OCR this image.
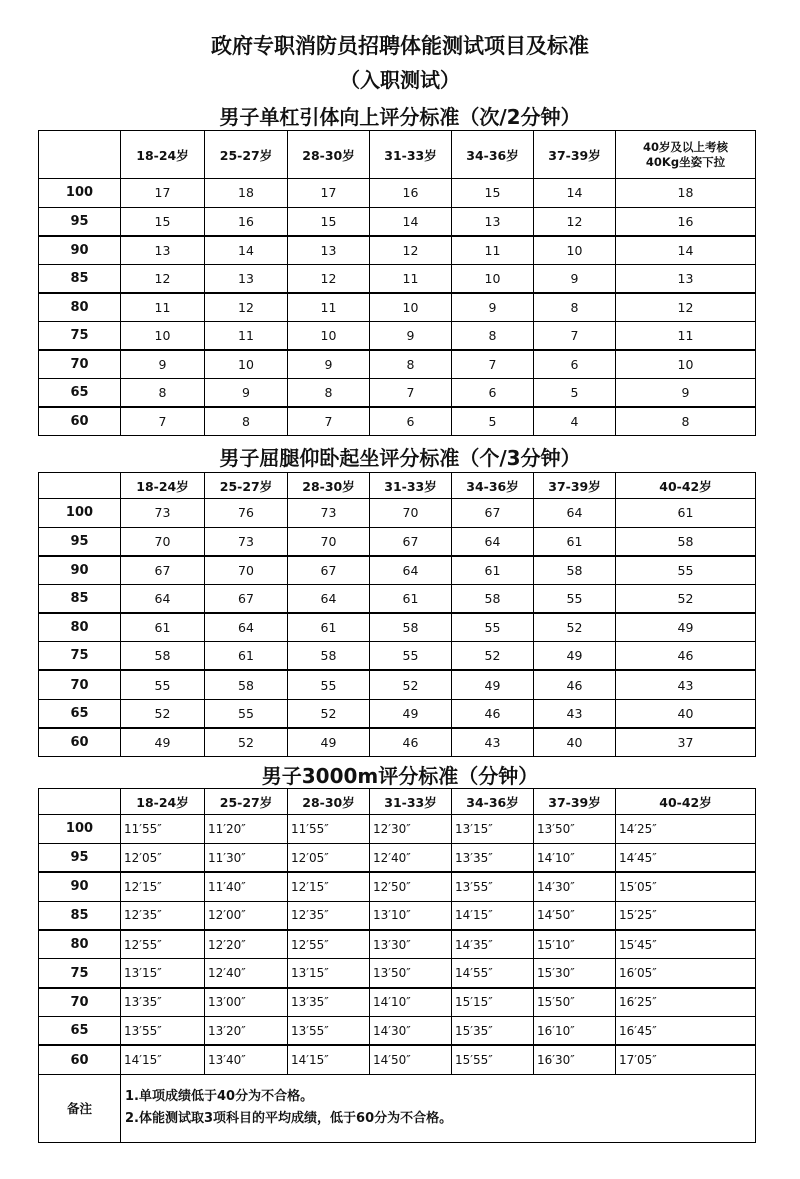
政府专职消防员招聘体能测试项目及标准
（入职测试）
男子单杠引体向上评分标准（次/2分钟）
	18-24岁	25-27岁	28-30岁	31-33岁	34-36岁	37-39岁	40岁及以上考核
40Kg坐姿下拉
100	17	18	17	16	15	14	18
95	15	16	15	14	13	12	16
90	13	14	13	12	11	10	14
85	12	13	12	11	10	9	13
80	11	12	11	10	9	8	12
75	10	11	10	9	8	7	11
70	9	10	9	8	7	6	10
65	8	9	8	7	6	5	9
60	7	8	7	6	5	4	8
男子屈腿仰卧起坐评分标准（个/3分钟）
	18-24岁	25-27岁	28-30岁	31-33岁	34-36岁	37-39岁	40-42岁
100	73	76	73	70	67	64	61
95	70	73	70	67	64	61	58
90	67	70	67	64	61	58	55
85	64	67	64	61	58	55	52
80	61	64	61	58	55	52	49
75	58	61	58	55	52	49	46
70	55	58	55	52	49	46	43
65	52	55	52	49	46	43	40
60	49	52	49	46	43	40	37
男子3000m评分标准（分钟）
	18-24岁	25-27岁	28-30岁	31-33岁	34-36岁	37-39岁	40-42岁
100	11′55″	11′20″	11′55″	12′30″	13′15″	13′50″	14′25″
95	12′05″	11′30″	12′05″	12′40″	13′35″	14′10″	14′45″
90	12′15″	11′40″	12′15″	12′50″	13′55″	14′30″	15′05″
85	12′35″	12′00″	12′35″	13′10″	14′15″	14′50″	15′25″
80	12′55″	12′20″	12′55″	13′30″	14′35″	15′10″	15′45″
75	13′15″	12′40″	13′15″	13′50″	14′55″	15′30″	16′05″
70	13′35″	13′00″	13′35″	14′10″	15′15″	15′50″	16′25″
65	13′55″	13′20″	13′55″	14′30″	15′35″	16′10″	16′45″
60	14′15″	13′40″	14′15″	14′50″	15′55″	16′30″	17′05″
备注	1.单项成绩低于40分为不合格。
2.体能测试取3项科目的平均成绩，低于60分为不合格。						
